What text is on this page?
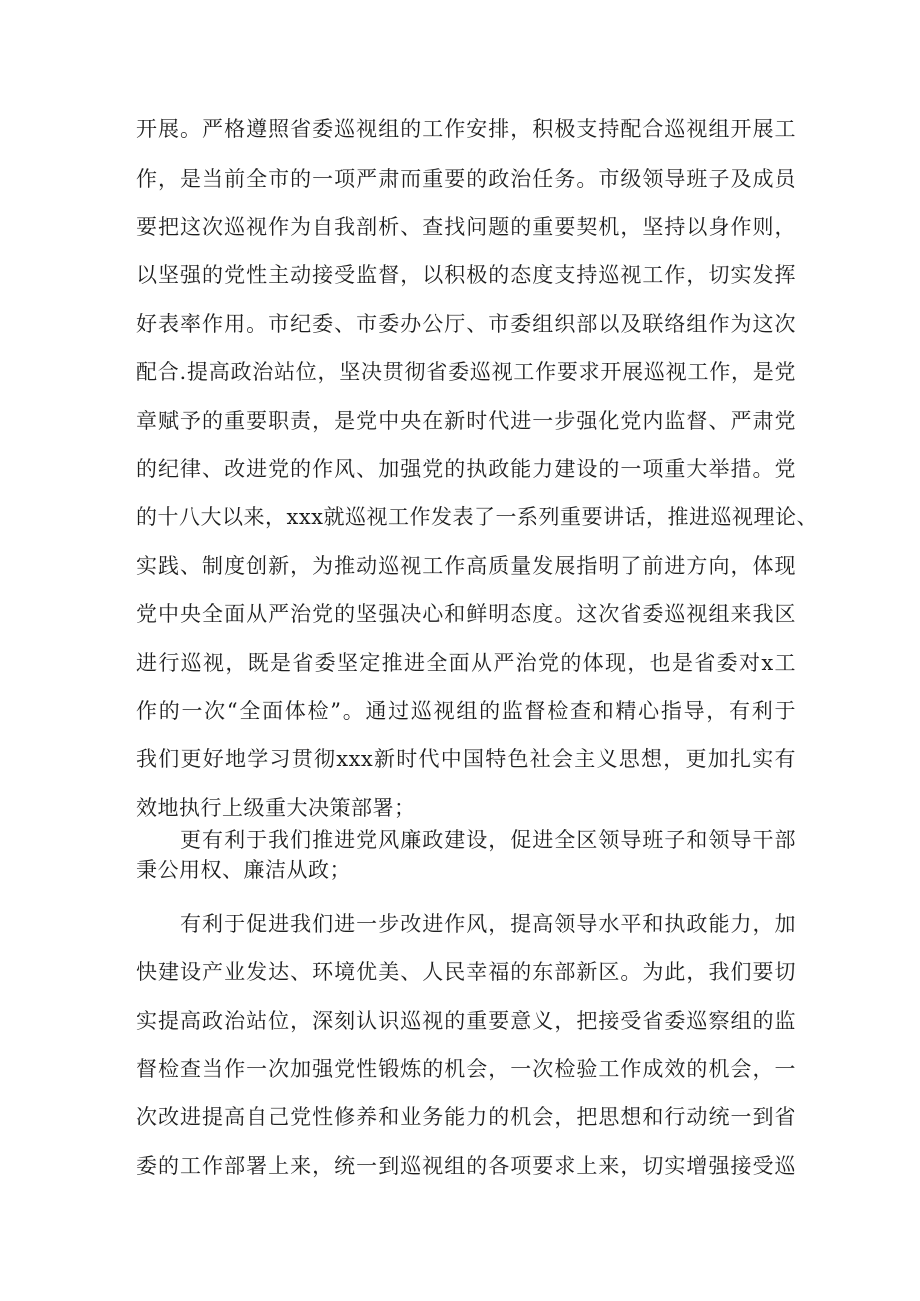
开展。严格遵照省委巡视组的工作安排，积极支持配合巡视组开展工
作，是当前全市的一项严肃而重要的政治任务。市级领导班子及成员
要把这次巡视作为自我剖析、查找问题的重要契机，坚持以身作则，
以坚强的党性主动接受监督，以积极的态度支持巡视工作，切实发挥
好表率作用。市纪委、市委办公厅、市委组织部以及联络组作为这次
配合.提高政治站位，坚决贯彻省委巡视工作要求开展巡视工作，是党
章赋予的重要职责，是党中央在新时代进一步强化党内监督、严肃党
的纪律、改进党的作风、加强党的执政能力建设的一项重大举措。党
的十八大以来，xxx就巡视工作发表了一系列重要讲话，推进巡视理论、
实践、制度创新，为推动巡视工作高质量发展指明了前进方向，体现
党中央全面从严治党的坚强决心和鲜明态度。这次省委巡视组来我区
进行巡视，既是省委坚定推进全面从严治党的体现，也是省委对x工
作的一次“全面体检”。通过巡视组的监督检查和精心指导，有利于
我们更好地学习贯彻xxx新时代中国特色社会主义思想，更加扎实有
效地执行上级重大决策部署；
　　更有利于我们推进党风廉政建设，促进全区领导班子和领导干部
秉公用权、廉洁从政；
　　有利于促进我们进一步改进作风，提高领导水平和执政能力，加
快建设产业发达、环境优美、人民幸福的东部新区。为此，我们要切
实提高政治站位，深刻认识巡视的重要意义，把接受省委巡察组的监
督检查当作一次加强党性锻炼的机会，一次检验工作成效的机会，一
次改进提高自己党性修养和业务能力的机会，把思想和行动统一到省
委的工作部署上来，统一到巡视组的各项要求上来，切实增强接受巡
